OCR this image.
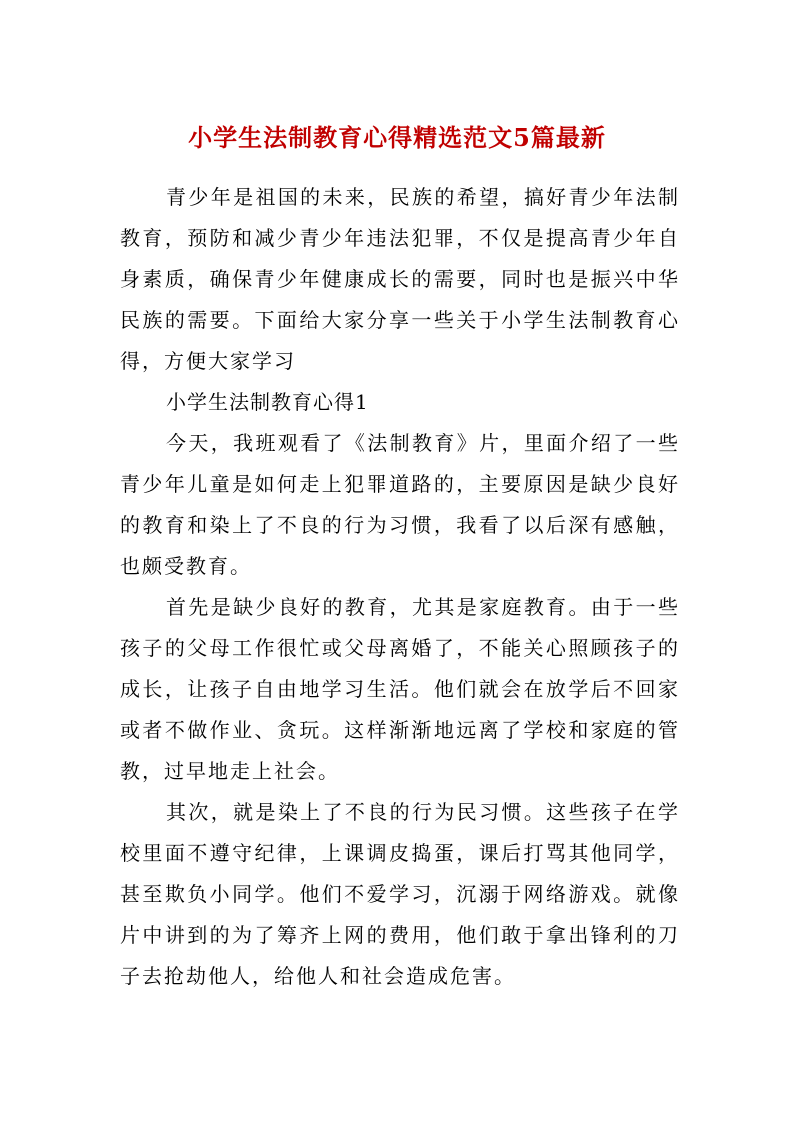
小学生法制教育心得精选范文5篇最新

青少年是祖国的未来，民族的希望，搞好青少年法制教育，预防和减少青少年违法犯罪，不仅是提高青少年自身素质，确保青少年健康成长的需要，同时也是振兴中华民族的需要。下面给大家分享一些关于小学生法制教育心得，方便大家学习

小学生法制教育心得1

今天，我班观看了《法制教育》片，里面介绍了一些青少年儿童是如何走上犯罪道路的，主要原因是缺少良好的教育和染上了不良的行为习惯，我看了以后深有感触，也颇受教育。

首先是缺少良好的教育，尤其是家庭教育。由于一些孩子的父母工作很忙或父母离婚了，不能关心照顾孩子的成长，让孩子自由地学习生活。他们就会在放学后不回家或者不做作业、贪玩。这样渐渐地远离了学校和家庭的管教，过早地走上社会。

其次，就是染上了不良的行为民习惯。这些孩子在学校里面不遵守纪律，上课调皮捣蛋，课后打骂其他同学，甚至欺负小同学。他们不爱学习，沉溺于网络游戏。就像片中讲到的为了筹齐上网的费用，他们敢于拿出锋利的刀子去抢劫他人，给他人和社会造成危害。
